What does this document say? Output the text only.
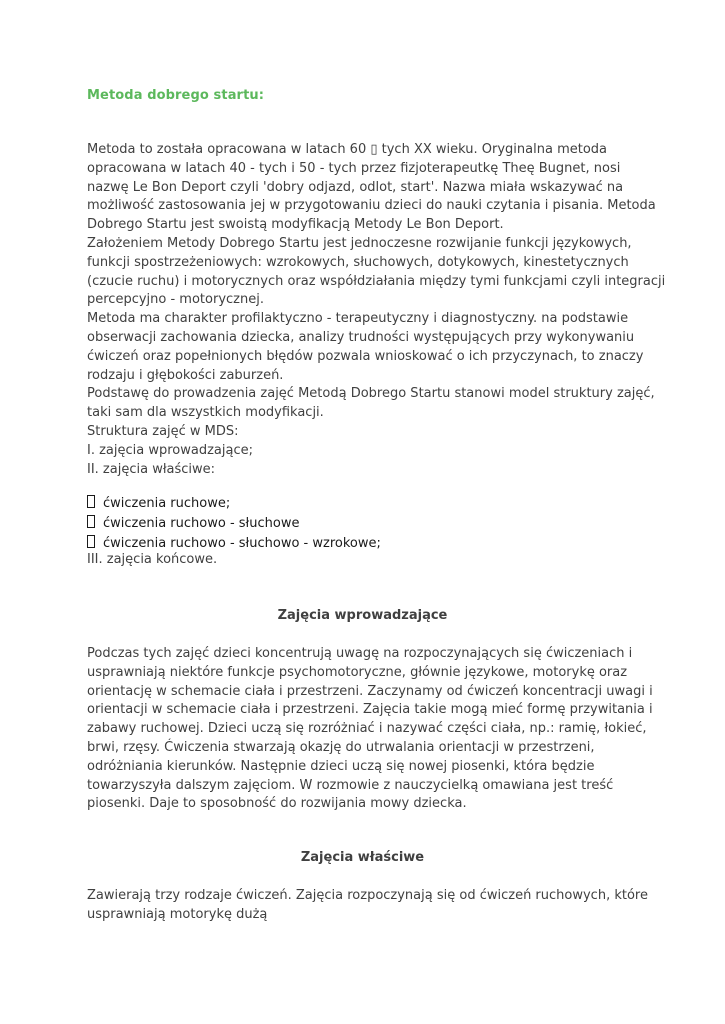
Metoda dobrego startu:
Metoda to została opracowana w latach 60 ▯ tych XX wieku. Oryginalna metoda
opracowana w latach 40 - tych i 50 - tych przez fizjoterapeutkę Theę Bugnet, nosi
nazwę Le Bon Deport czyli 'dobry odjazd, odlot, start'. Nazwa miała wskazywać na
możliwość zastosowania jej w przygotowaniu dzieci do nauki czytania i pisania. Metoda
Dobrego Startu jest swoistą modyfikacją Metody Le Bon Deport.
Założeniem Metody Dobrego Startu jest jednoczesne rozwijanie funkcji językowych,
funkcji spostrzeżeniowych: wzrokowych, słuchowych, dotykowych, kinestetycznych
(czucie ruchu) i motorycznych oraz współdziałania między tymi funkcjami czyli integracji
percepcyjno - motorycznej.
Metoda ma charakter profilaktyczno - terapeutyczny i diagnostyczny. na podstawie
obserwacji zachowania dziecka, analizy trudności występujących przy wykonywaniu
ćwiczeń oraz popełnionych błędów pozwala wnioskować o ich przyczynach, to znaczy
rodzaju i głębokości zaburzeń.
Podstawę do prowadzenia zajęć Metodą Dobrego Startu stanowi model struktury zajęć,
taki sam dla wszystkich modyfikacji.
Struktura zajęć w MDS:
I. zajęcia wprowadzające;
II. zajęcia właściwe:
ćwiczenia ruchowe;
ćwiczenia ruchowo - słuchowe
ćwiczenia ruchowo - słuchowo - wzrokowe;
III. zajęcia końcowe.
Zajęcia wprowadzające
Podczas tych zajęć dzieci koncentrują uwagę na rozpoczynających się ćwiczeniach i
usprawniają niektóre funkcje psychomotoryczne, głównie językowe, motorykę oraz
orientację w schemacie ciała i przestrzeni. Zaczynamy od ćwiczeń koncentracji uwagi i
orientacji w schemacie ciała i przestrzeni. Zajęcia takie mogą mieć formę przywitania i
zabawy ruchowej. Dzieci uczą się rozróżniać i nazywać części ciała, np.: ramię, łokieć,
brwi, rzęsy. Ćwiczenia stwarzają okazję do utrwalania orientacji w przestrzeni,
odróżniania kierunków. Następnie dzieci uczą się nowej piosenki, która będzie
towarzyszyła dalszym zajęciom. W rozmowie z nauczycielką omawiana jest treść
piosenki. Daje to sposobność do rozwijania mowy dziecka.
Zajęcia właściwe
Zawierają trzy rodzaje ćwiczeń. Zajęcia rozpoczynają się od ćwiczeń ruchowych, które
usprawniają motorykę dużą
